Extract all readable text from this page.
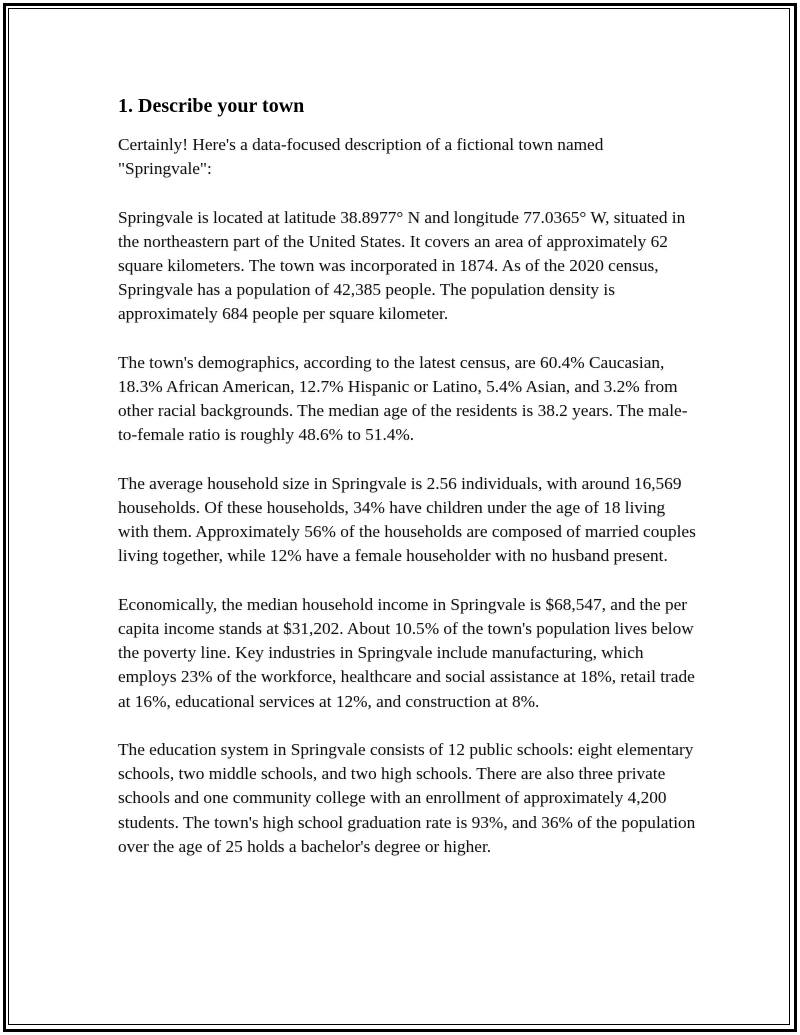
1. Describe your town

Certainly! Here's a data-focused description of a fictional town named "Springvale":

Springvale is located at latitude 38.8977° N and longitude 77.0365° W, situated in the northeastern part of the United States. It covers an area of approximately 62 square kilometers. The town was incorporated in 1874. As of the 2020 census, Springvale has a population of 42,385 people. The population density is approximately 684 people per square kilometer.

The town's demographics, according to the latest census, are 60.4% Caucasian, 18.3% African American, 12.7% Hispanic or Latino, 5.4% Asian, and 3.2% from other racial backgrounds. The median age of the residents is 38.2 years. The male-to-female ratio is roughly 48.6% to 51.4%.

The average household size in Springvale is 2.56 individuals, with around 16,569 households. Of these households, 34% have children under the age of 18 living with them. Approximately 56% of the households are composed of married couples living together, while 12% have a female householder with no husband present.

Economically, the median household income in Springvale is $68,547, and the per capita income stands at $31,202. About 10.5% of the town's population lives below the poverty line. Key industries in Springvale include manufacturing, which employs 23% of the workforce, healthcare and social assistance at 18%, retail trade at 16%, educational services at 12%, and construction at 8%.

The education system in Springvale consists of 12 public schools: eight elementary schools, two middle schools, and two high schools. There are also three private schools and one community college with an enrollment of approximately 4,200 students. The town's high school graduation rate is 93%, and 36% of the population over the age of 25 holds a bachelor's degree or higher.
